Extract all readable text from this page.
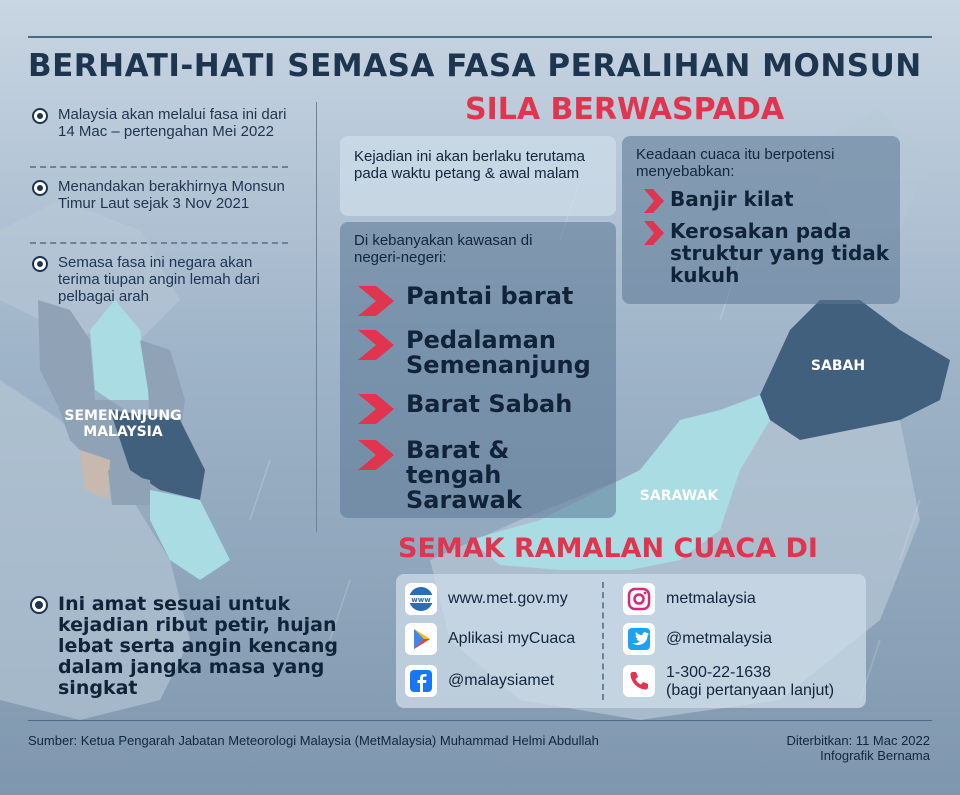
BERHATI-HATI SEMASA FASA PERALIHAN MONSUN
SILA BERWASPADA
Malaysia akan melalui fasa ini dari 14 Mac – pertengahan Mei 2022
Menandakan berakhirnya Monsun Timur Laut sejak 3 Nov 2021
Semasa fasa ini negara akan terima tiupan angin lemah dari pelbagai arah
Kejadian ini akan berlaku terutama pada waktu petang & awal malam
Di kebanyakan kawasan di negeri-negeri:
Pantai barat
Pedalaman Semenanjung
Barat Sabah
Barat & tengah Sarawak
Keadaan cuaca itu berpotensi menyebabkan:
Banjir kilat
Kerosakan pada struktur yang tidak kukuh
SEMENANJUNG MALAYSIA
SABAH
SARAWAK
SEMAK RAMALAN CUACA DI
www www.met.gov.my
Aplikasi myCuaca
@malaysiamet
metmalaysia
@metmalaysia
1-300-22-1638
(bagi pertanyaan lanjut)
Ini amat sesuai untuk kejadian ribut petir, hujan lebat serta angin kencang dalam jangka masa yang singkat
Sumber: Ketua Pengarah Jabatan Meteorologi Malaysia (MetMalaysia) Muhammad Helmi Abdullah	Diterbitkan: 11 Mac 2022
Infografik Bernama
